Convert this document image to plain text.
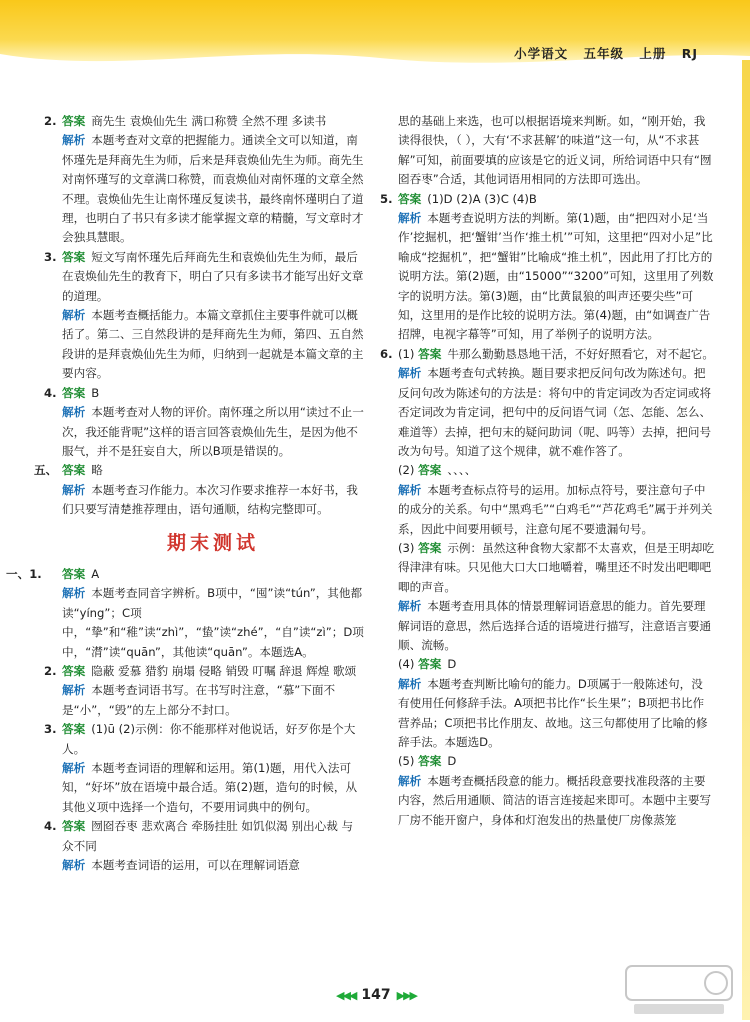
小学语文 五年级 上册 RJ
2. 答案 商先生 袁焕仙先生 满口称赞 全然不理 多读书

解析 本题考查对文章的把握能力。通读全文可以知道，南怀瑾先是拜商先生为师，后来是拜袁焕仙先生为师。商先生对南怀瑾写的文章满口称赞，而袁焕仙对南怀瑾的文章全然不理。袁焕仙先生让南怀瑾反复读书，最终南怀瑾明白了道理，也明白了书只有多读才能掌握文章的精髓，写文章时才会独具慧眼。

3. 答案 短文写南怀瑾先后拜商先生和袁焕仙先生为师，最后在袁焕仙先生的教育下，明白了只有多读书才能写出好文章的道理。

解析 本题考查概括能力。本篇文章抓住主要事件就可以概括了。第二、三自然段讲的是拜商先生为师，第四、五自然段讲的是拜袁焕仙先生为师，归纳到一起就是本篇文章的主要内容。

4. 答案 B

解析 本题考查对人物的评价。南怀瑾之所以用“读过不止一次，我还能背呢”这样的语言回答袁焕仙先生，是因为他不服气，并不是狂妄自大，所以B项是错误的。

五、 答案 略

解析 本题考查习作能力。本次习作要求推荐一本好书，我们只要写清楚推荐理由，语句通顺，结构完整即可。

期末测试
一、1. 答案 A

解析 本题考查同音字辨析。B项中，“囤”读“tún”，其他都读“yíng”；C项中，“挚”和“稚”读“zhì”，“蛰”读“zhé”，“自”读“zì”；D项中，“潸”读“quān”，其他读“quān”。本题选A。

2. 答案 隐蔽 爱慕 猎豹 崩塌 侵略 销毁 叮嘱 辞退 辉煌 歌颂

解析 本题考查词语书写。在书写时注意，“慕”下面不是“小”，“毁”的左上部分不封口。

3. 答案 (1)ū (2)示例：你不能那样对他说话，好歹你是个大人。

解析 本题考查词语的理解和运用。第(1)题，用代入法可知，“好坏”放在语境中最合适。第(2)题，造句的时候，从其他义项中选择一个造句，不要用词典中的例句。

4. 答案 囫囵吞枣 悲欢离合 牵肠挂肚 如饥似渴 别出心裁 与众不同

解析 本题考查词语的运用，可以在理解词语意

思的基础上来选，也可以根据语境来判断。如，“刚开始，我读得很快，（ ），大有‘不求甚解’的味道”这一句，从“不求甚解”可知，前面要填的应该是它的近义词，所给词语中只有“囫囵吞枣”合适，其他词语用相同的方法即可选出。

5. 答案 (1)D (2)A (3)C (4)B

解析 本题考查说明方法的判断。第(1)题，由“把四对小足‘当作’挖掘机，把‘蟹钳’当作‘推土机’”可知，这里把“四对小足”比喻成“挖掘机”，把“蟹钳”比喻成“推土机”，因此用了打比方的说明方法。第(2)题，由“15000”“3200”可知，这里用了列数字的说明方法。第(3)题，由“比黄鼠狼的叫声还要尖些”可知，这里用的是作比较的说明方法。第(4)题，由“如调查广告招牌，电视字幕等”可知，用了举例子的说明方法。

6. (1) 答案 牛那么勤勤恳恳地干活，不好好照看它，对不起它。

解析 本题考查句式转换。题目要求把反问句改为陈述句。把反问句改为陈述句的方法是：将句中的肯定词改为否定词或将否定词改为肯定词，把句中的反问语气词（怎、怎能、怎么、难道等）去掉，把句末的疑问助词（呢、吗等）去掉，把问号改为句号。知道了这个规律，就不难作答了。

(2) 答案 、、、、

解析 本题考查标点符号的运用。加标点符号，要注意句子中的成分的关系。句中“黑鸡毛”“白鸡毛”“芦花鸡毛”属于并列关系，因此中间要用顿号，注意句尾不要遗漏句号。

(3) 答案 示例：虽然这种食物大家都不太喜欢，但是王明却吃得津津有味。只见他大口大口地嚼着，嘴里还不时发出吧唧吧唧的声音。

解析 本题考查用具体的情景理解词语意思的能力。首先要理解词语的意思，然后选择合适的语境进行描写，注意语言要通顺、流畅。

(4) 答案 D

解析 本题考查判断比喻句的能力。D项属于一般陈述句，没有使用任何修辞手法。A项把书比作“长生果”；B项把书比作营养品；C项把书比作朋友、故地。这三句都使用了比喻的修辞手法。本题选D。

(5) 答案 D

解析 本题考查概括段意的能力。概括段意要找准段落的主要内容，然后用通顺、简洁的语言连接起来即可。本题中主要写厂房不能开窗户，身体和灯泡发出的热量使厂房像蒸笼

◀◀◀ 147 ▶▶▶
